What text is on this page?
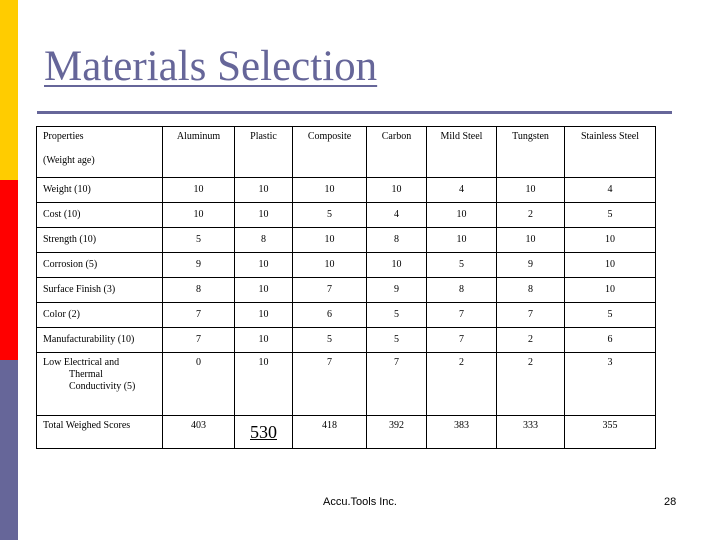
Materials Selection
Properties
(Weight age)	Aluminum	Plastic	Composite	Carbon	Mild Steel	Tungsten	Stainless Steel
Weight (10)	10	10	10	10	4	10	4
Cost (10)	10	10	5	4	10	2	5
Strength (10)	5	8	10	8	10	10	10
Corrosion (5)	9	10	10	10	5	9	10
Surface Finish (3)	8	10	7	9	8	8	10
Color (2)	7	10	6	5	7	7	5
Manufacturability (10)	7	10	5	5	7	2	6

Low Electrical and
Thermal
Conductivity (5)	0	10	7	7	2	2	3
Total Weighed Scores	403	530	418	392	383	333	355
Accu.Tools Inc.	28
